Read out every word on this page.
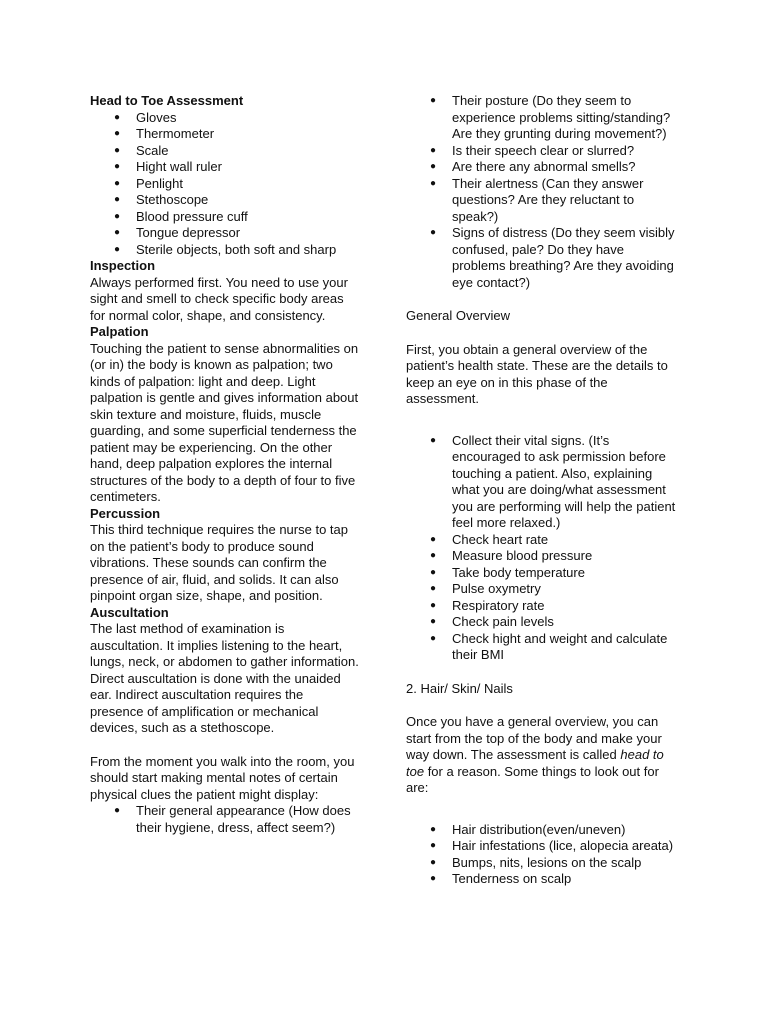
Head to Toe Assessment

● Gloves
● Thermometer
● Scale
● Hight wall ruler
● Penlight
● Stethoscope
● Blood pressure cuff
● Tongue depressor
● Sterile objects, both soft and sharp

Inspection

Always performed first. You need to use your sight and smell to check specific body areas for normal color, shape, and consistency.

Palpation

Touching the patient to sense abnormalities on (or in) the body is known as palpation; two kinds of palpation: light and deep. Light palpation is gentle and gives information about skin texture and moisture, fluids, muscle guarding, and some superficial tenderness the patient may be experiencing. On the other hand, deep palpation explores the internal structures of the body to a depth of four to five centimeters.

Percussion

This third technique requires the nurse to tap on the patient’s body to produce sound vibrations. These sounds can confirm the presence of air, fluid, and solids. It can also pinpoint organ size, shape, and position.

Auscultation

The last method of examination is auscultation. It implies listening to the heart, lungs, neck, or abdomen to gather information. Direct auscultation is done with the unaided ear. Indirect auscultation requires the presence of amplification or mechanical devices, such as a stethoscope.

From the moment you walk into the room, you should start making mental notes of certain physical clues the patient might display:

● Their general appearance (How does their hygiene, dress, affect seem?)
● Their posture (Do they seem to experience problems sitting/standing?Are they grunting during movement?)
● Is their speech clear or slurred?
● Are there any abnormal smells?
● Their alertness (Can they answer questions? Are they reluctant to speak?)
● Signs of distress (Do they seem visibly confused, pale? Do they have problems breathing? Are they avoiding eye contact?)

General Overview

First, you obtain a general overview of the patient’s health state. These are the details to keep an eye on in this phase of the assessment.

● Collect their vital signs. (It’s encouraged to ask permission before touching a patient. Also, explaining what you are doing/what assessment you are performing will help the patient feel more relaxed.)
● Check heart rate
● Measure blood pressure
● Take body temperature
● Pulse oxymetry
● Respiratory rate
● Check pain levels
● Check hight and weight and calculate their BMI

2. Hair/ Skin/ Nails

Once you have a general overview, you can start from the top of the body and make your way down. The assessment is called head to toe for a reason. Some things to look out for are:

● Hair distribution(even/uneven)
● Hair infestations (lice, alopecia areata)
● Bumps, nits, lesions on the scalp
● Tenderness on scalp
